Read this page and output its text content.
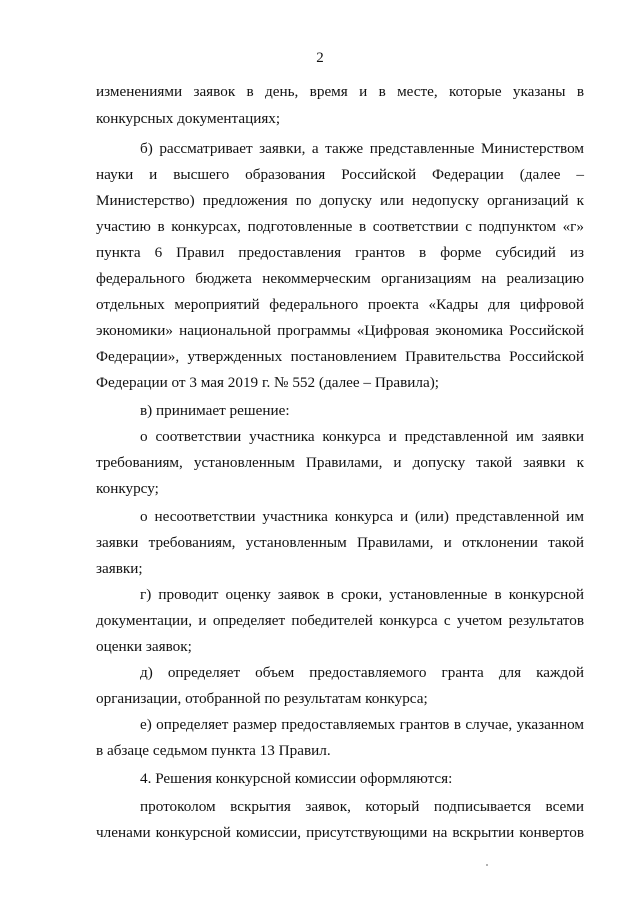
2
изменениями заявок в день, время и в месте, которые указаны в
конкурсных документациях;
б) рассматривает заявки, а также представленные Министерством
науки и высшего образования Российской Федерации (далее –
Министерство) предложения по допуску или недопуску организаций к
участию в конкурсах, подготовленные в соответствии с подпунктом «г»
пункта 6 Правил предоставления грантов в форме субсидий из
федерального бюджета некоммерческим организациям на реализацию
отдельных мероприятий федерального проекта «Кадры для цифровой
экономики» национальной программы «Цифровая экономика Российской
Федерации», утвержденных постановлением Правительства Российской
Федерации от 3 мая 2019 г. № 552 (далее – Правила);
в) принимает решение:
о соответствии участника конкурса и представленной им заявки
требованиям, установленным Правилами, и допуску такой заявки к
конкурсу;
о несоответствии участника конкурса и (или) представленной им
заявки требованиям, установленным Правилами, и отклонении такой
заявки;
г) проводит оценку заявок в сроки, установленные в конкурсной
документации, и определяет победителей конкурса с учетом результатов
оценки заявок;
д) определяет объем предоставляемого гранта для каждой
организации, отобранной по результатам конкурса;
е) определяет размер предоставляемых грантов в случае, указанном
в абзаце седьмом пункта 13 Правил.
4. Решения конкурсной комиссии оформляются:
протоколом вскрытия заявок, который подписывается всеми
членами конкурсной комиссии, присутствующими на вскрытии конвертов
